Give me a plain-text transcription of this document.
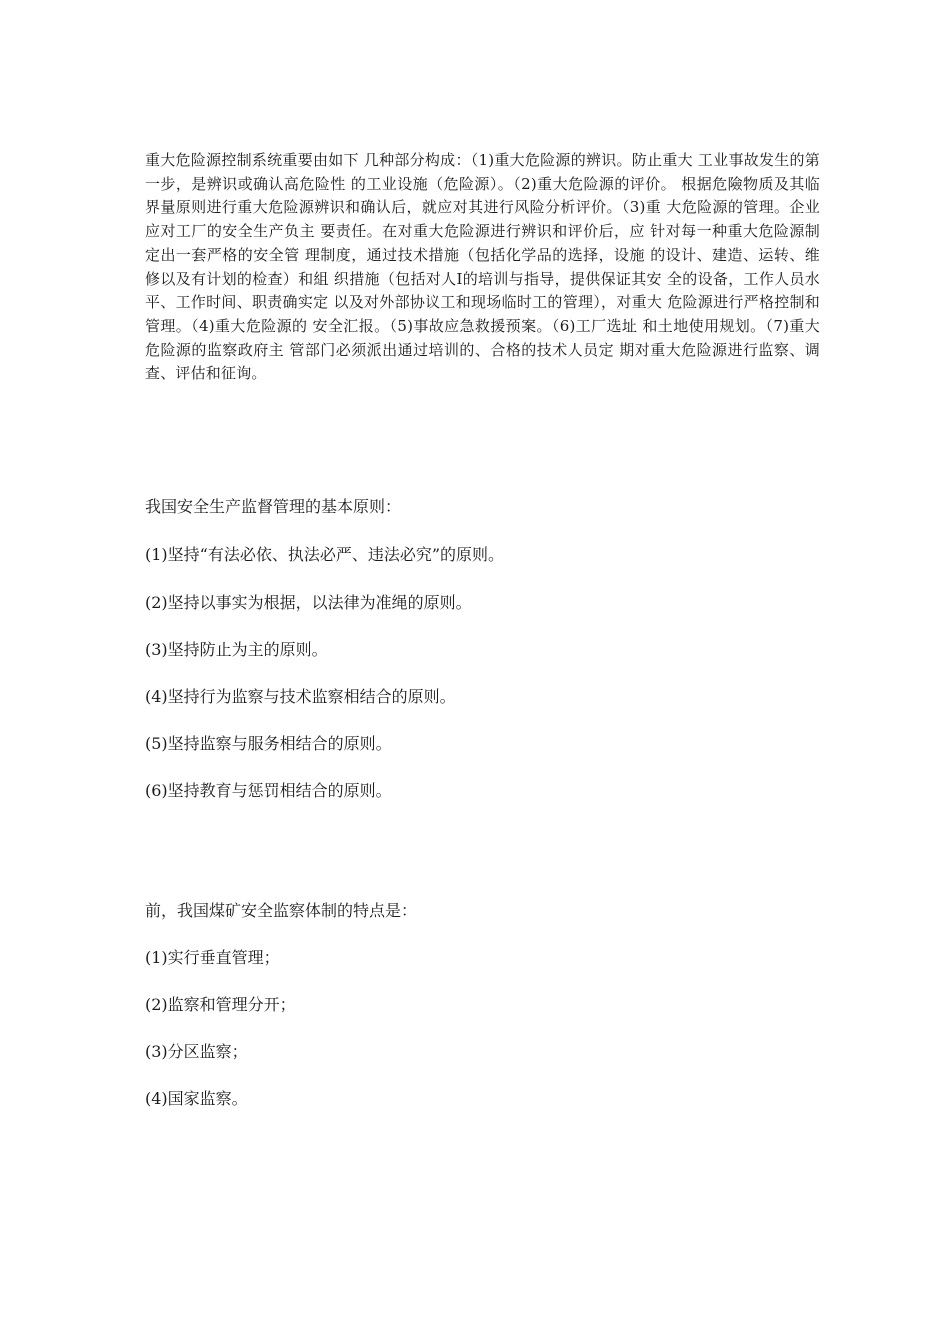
重大危险源控制系统重要由如下 几种部分构成：（1)重大危险源的辨识。防止重大 工业事故发生的第一步，是辨识或确认高危险性 的工业设施（危险源）。（2)重大危险源的评价。 根据危險物质及其临界量原则进行重大危险源辨识和确认后，就应对其进行风险分析评价。（3)重 大危险源的管理。企业应对工厂的安全生产负主 要责任。在对重大危险源进行辨识和评价后，应 针对每一种重大危险源制定出一套严格的安全管 理制度，通过技术措施（包括化学品的选择，设施 的设计、建造、运转、维修以及有计划的检查）和組 织措施（包括对人I的培训与指导，提供保证其安 全的设备，工作人员水平、工作时间、职责确实定 以及对外部协议工和现场临时工的管理），对重大 危险源进行严格控制和管理。（4)重大危险源的 安全汇报。（5)事故应急救援预案。（6)工厂选址 和土地使用规划。（7)重大危险源的监察政府主 管部门必须派出通过培训的、合格的技术人员定 期对重大危险源进行监察、调查、评估和征询。

我国安全生产监督管理的基本原则：

(1)坚持“有法必依、执法必严、违法必究”的原则。

(2)坚持以事实为根据，以法律为准绳的原则。

(3)坚持防止为主的原则。

(4)坚持行为监察与技术监察相结合的原则。

(5)坚持监察与服务相结合的原则。

(6)坚持教育与惩罚相结合的原则。

前，我国煤矿安全监察体制的特点是：

(1)实行垂直管理；

(2)监察和管理分开；

(3)分区监察；

(4)国家监察。
